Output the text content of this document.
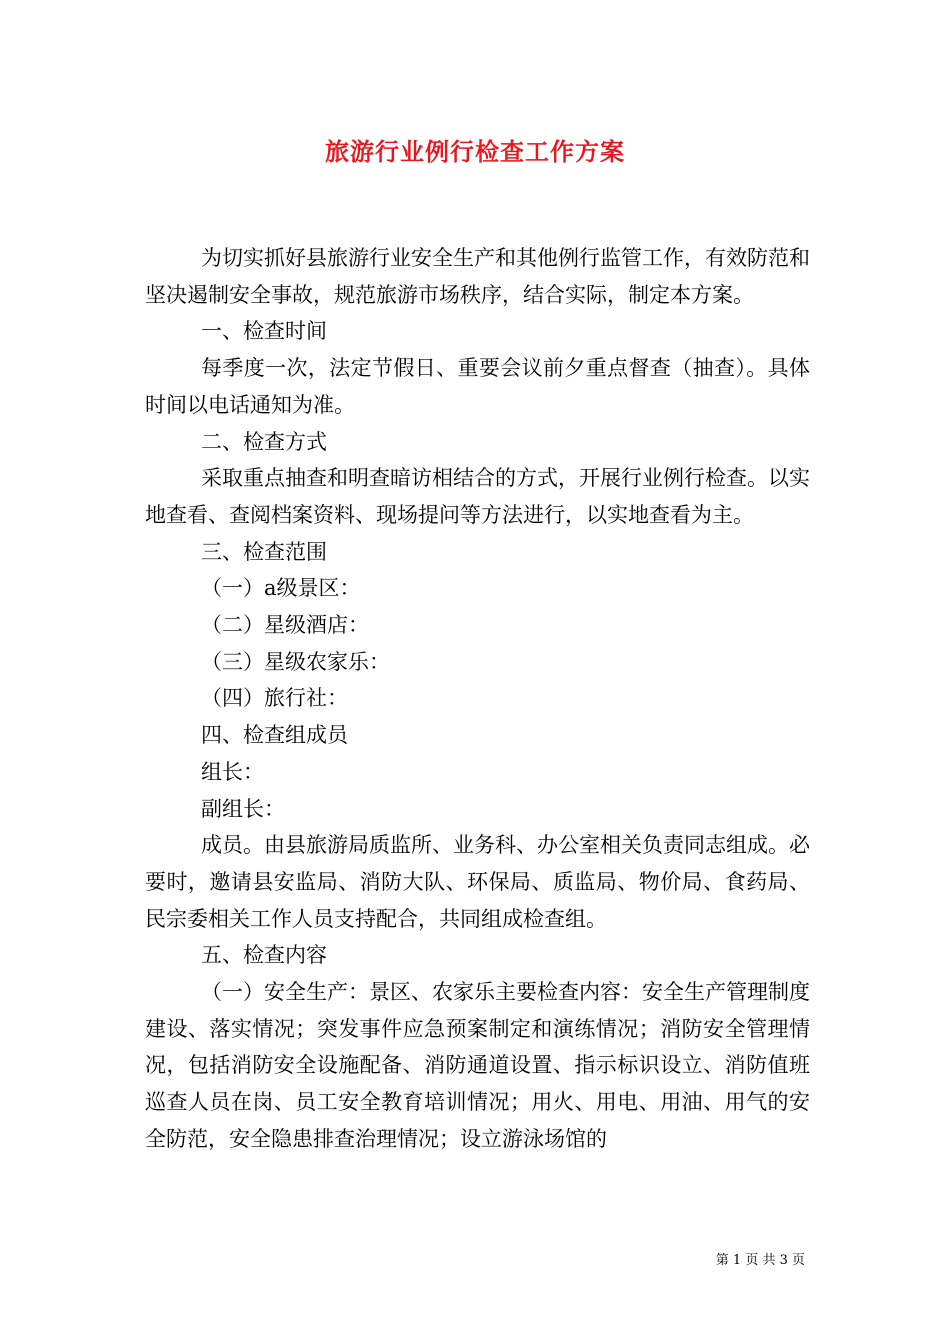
旅游行业例行检查工作方案

为切实抓好县旅游行业安全生产和其他例行监管工作，有效防范和坚决遏制安全事故，规范旅游市场秩序，结合实际，制定本方案。

一、检查时间

每季度一次，法定节假日、重要会议前夕重点督查（抽查）。具体时间以电话通知为准。

二、检查方式

采取重点抽查和明查暗访相结合的方式，开展行业例行检查。以实地查看、查阅档案资料、现场提问等方法进行，以实地查看为主。

三、检查范围

（一）a级景区：

（二）星级酒店：

（三）星级农家乐：

（四）旅行社：

四、检查组成员

组长：

副组长：

成员。由县旅游局质监所、业务科、办公室相关负责同志组成。必要时，邀请县安监局、消防大队、环保局、质监局、物价局、食药局、民宗委相关工作人员支持配合，共同组成检查组。

五、检查内容

（一）安全生产：景区、农家乐主要检查内容：安全生产管理制度建设、落实情况；突发事件应急预案制定和演练情况；消防安全管理情况，包括消防安全设施配备、消防通道设置、指示标识设立、消防值班巡查人员在岗、员工安全教育培训情况；用火、用电、用油、用气的安全防范，安全隐患排查治理情况；设立游泳场馆的

第 1 页 共 3 页
